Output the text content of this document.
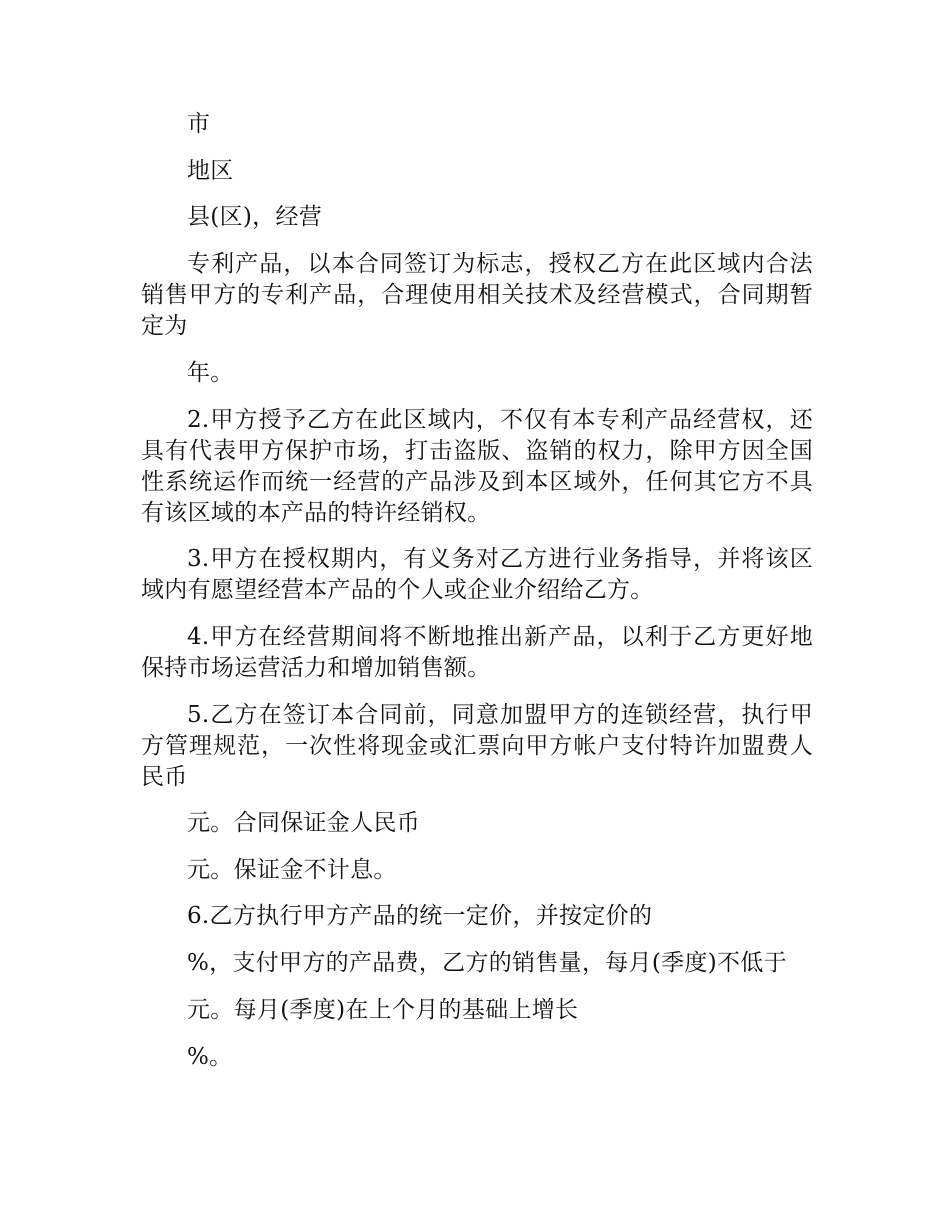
市

地区

县(区)，经营

专利产品，以本合同签订为标志，授权乙方在此区域内合法销售甲方的专利产品，合理使用相关技术及经营模式，合同期暂定为

年。

2.甲方授予乙方在此区域内，不仅有本专利产品经营权，还具有代表甲方保护市场，打击盗版、盗销的权力，除甲方因全国性系统运作而统一经营的产品涉及到本区域外，任何其它方不具有该区域的本产品的特许经销权。

3.甲方在授权期内，有义务对乙方进行业务指导，并将该区域内有愿望经营本产品的个人或企业介绍给乙方。

4.甲方在经营期间将不断地推出新产品，以利于乙方更好地保持市场运营活力和增加销售额。

5.乙方在签订本合同前，同意加盟甲方的连锁经营，执行甲方管理规范，一次性将现金或汇票向甲方帐户支付特许加盟费人民币

元。合同保证金人民币

元。保证金不计息。

6.乙方执行甲方产品的统一定价，并按定价的

%，支付甲方的产品费，乙方的销售量，每月(季度)不低于

元。每月(季度)在上个月的基础上增长

%。
